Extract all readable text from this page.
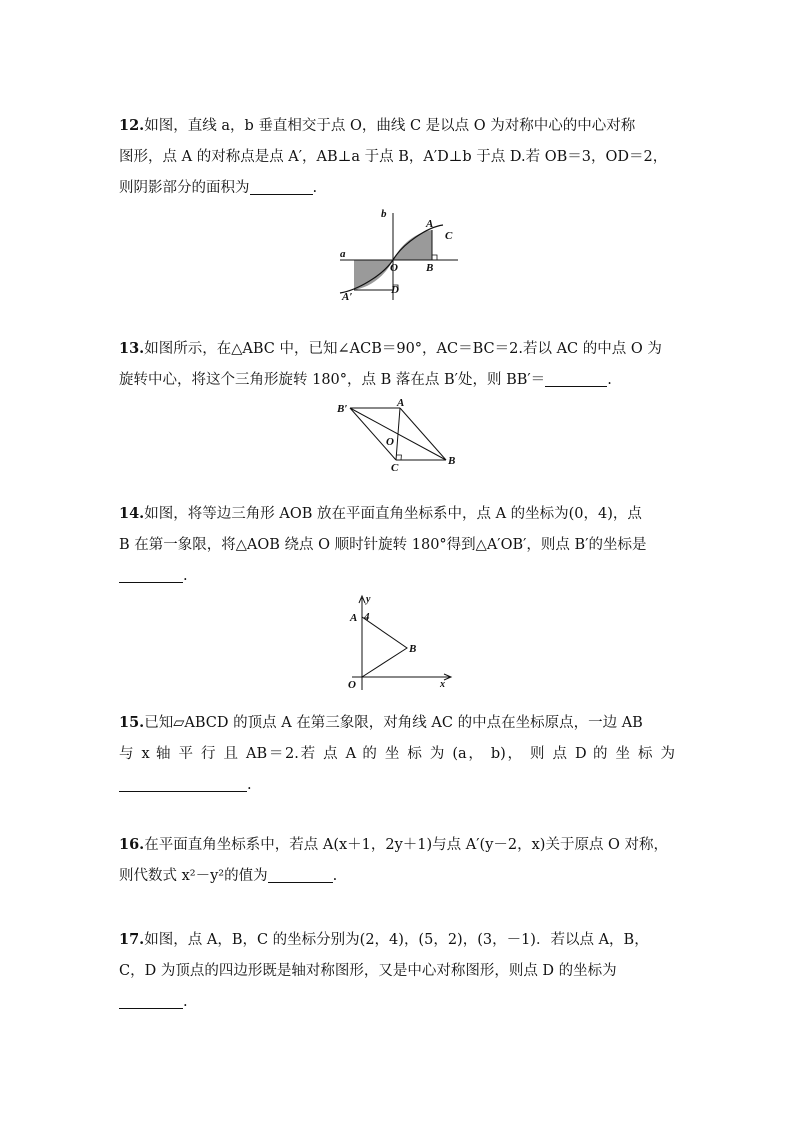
12.如图，直线 a，b 垂直相交于点 O，曲线 C 是以点 O 为对称中心的中心对称
图形，点 A 的对称点是点 A′，AB⊥a 于点 B，A′D⊥b 于点 D.若 OB＝3，OD＝2，
则阴影部分的面积为	.
a
b
A
C
O	B
A′
D
13.如图所示，在△ABC 中，已知∠ACB＝90°，AC＝BC＝2.若以 AC 的中点 O 为
旋转中心，将这个三角形旋转 180°，点 B 落在点 B′处，则 BB′＝	.
B′	A
O
C
B
14.如图，将等边三角形 AOB 放在平面直角坐标系中，点 A 的坐标为(0，4)，点
B 在第一象限，将△AOB 绕点 O 顺时针旋转 180°得到△A′OB′，则点 B′的坐标是
.
y
A 4
B
O	x
15.已知▱ABCD 的顶点 A 在第三象限，对角线 AC 的中点在坐标原点，一边 AB
与 x 轴 平 行 且 AB＝2.若 点 A 的 坐 标 为 (a， b)， 则 点 D 的 坐 标 为
.
16.在平面直角坐标系中，若点 A(x＋1，2y＋1)与点 A′(y－2，x)关于原点 O 对称，
则代数式 x²－y²的值为	.
17.如图，点 A，B，C 的坐标分别为(2，4)，(5，2)，(3，－1)．若以点 A，B，
C，D 为顶点的四边形既是轴对称图形，又是中心对称图形，则点 D 的坐标为
.
